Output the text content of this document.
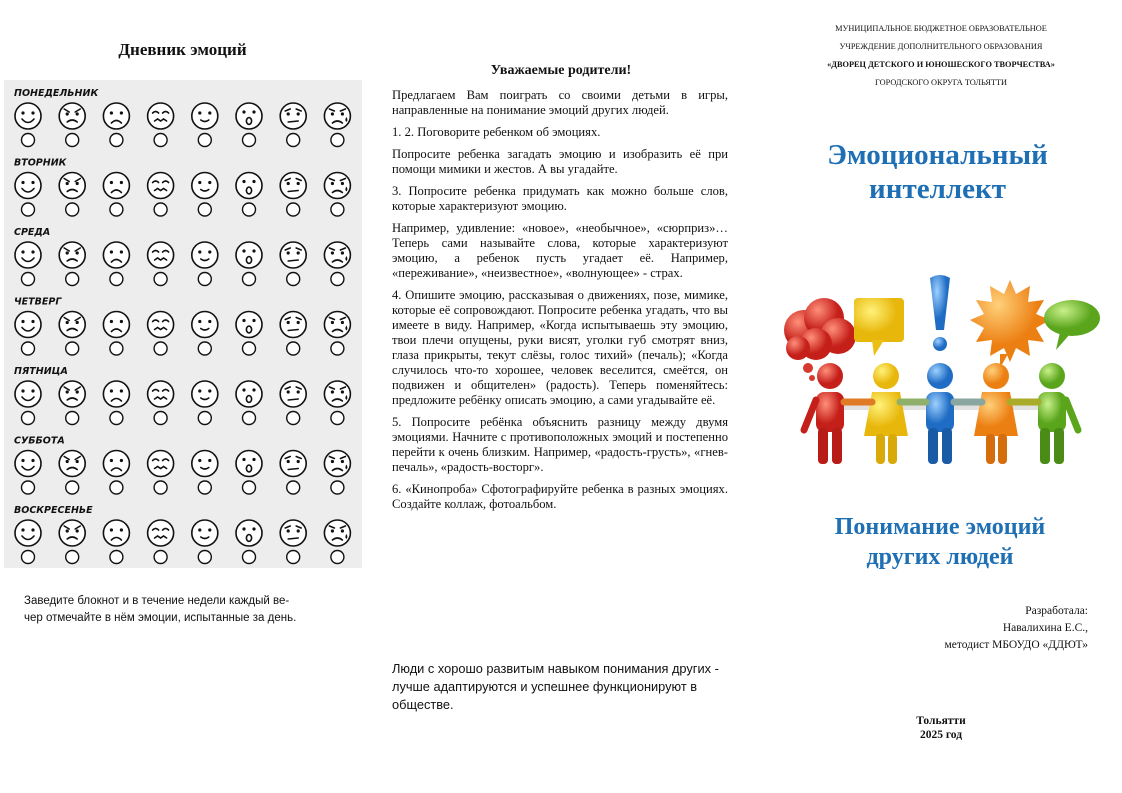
Дневник эмоций
ПОНЕДЕЛЬНИК
ВТОРНИК
СРЕДА
ЧЕТВЕРГ
ПЯТНИЦА
СУББОТА
ВОСКРЕСЕНЬЕ
Заведите блокнот и в течение недели каждый ве-
чер отмечайте в нём эмоции, испытанные за день.
Уважаемые родители!

Предлагаем Вам поиграть со своими детьми в игры, направленные на понимание эмоций других людей.

1. 2. Поговорите ребенком об эмоциях.

Попросите ребенка загадать эмоцию и изобразить её при помощи мимики и жестов. А вы угадайте.

3. Попросите ребенка придумать как можно больше слов, которые характеризуют эмоцию.

Например, удивление: «новое», «необычное», «сюрприз»… Теперь сами называйте слова, которые характеризуют эмоцию, а ребенок пусть угадает её. Например, «переживание», «неизвестное», «волнующее» - страх.

4. Опишите эмоцию, рассказывая о движениях, позе, мимике, которые её сопровождают. Попросите ребенка угадать, что вы имеете в виду. Например, «Когда испытываешь эту эмоцию, твои плечи опущены, руки висят, уголки губ смотрят вниз, глаза прикрыты, текут слёзы, голос тихий» (печаль); «Когда случилось что-то хорошее, человек веселится, смеётся, он подвижен и общителен» (радость). Теперь поменяйтесь: предложите ребёнку описать эмоцию, а сами угадывайте её.

5. Попросите ребёнка объяснить разницу между двумя эмоциями. Начните с противоположных эмоций и постепенно перейти к очень близким. Например, «радость-грусть», «гнев-печаль», «радость-восторг».

6. «Кинопроба» Сфотографируйте ребенка в разных эмоциях. Создайте коллаж, фотоальбом.

Люди с хорошо развитым навыком понимания других - лучше адаптируются и успешнее функционируют в обществе.
МУНИЦИПАЛЬНОЕ БЮДЖЕТНОЕ ОБРАЗОВАТЕЛЬНОЕ
УЧРЕЖДЕНИЕ ДОПОЛНИТЕЛЬНОГО ОБРАЗОВАНИЯ
«ДВОРЕЦ ДЕТСКОГО И ЮНОШЕСКОГО ТВОРЧЕСТВА»
ГОРОДСКОГО ОКРУГА ТОЛЬЯТТИ
Эмоциональный
интеллект
Понимание эмоций
других людей
Разработала:
Навалихина Е.С.,
методист МБОУДО «ДДЮТ»
Тольятти
2025 год
